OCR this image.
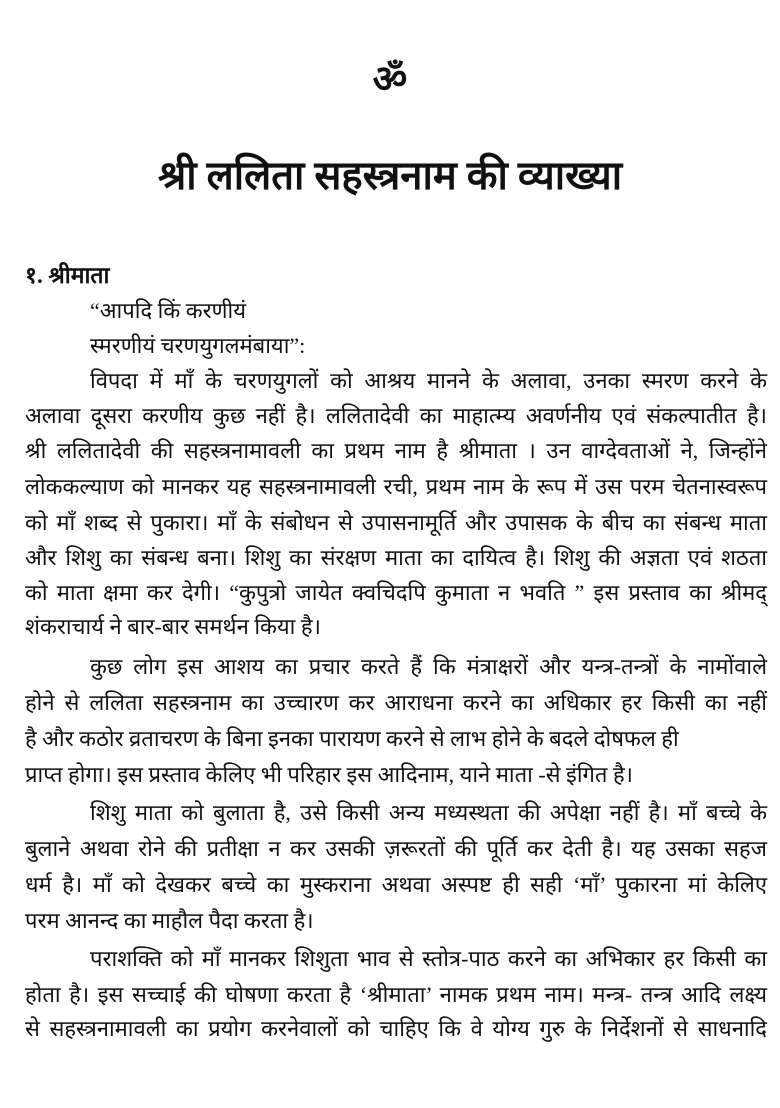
ॐ
श्री ललिता सहस्त्रनाम की व्याख्या
१. श्रीमाता
“आपदि किं करणीयं
स्मरणीयं चरणयुगलमंबाया”:
विपदा में माँ के चरणयुगलों को आश्रय मानने के अलावा, उनका स्मरण करने के
अलावा दूसरा करणीय कुछ नहीं है। ललितादेवी का माहात्म्य अवर्णनीय एवं संकल्पातीत है।
श्री ललितादेवी की सहस्त्रनामावली का प्रथम नाम है श्रीमाता । उन वाग्देवताओं ने, जिन्होंने
लोककल्याण को मानकर यह सहस्त्रनामावली रची, प्रथम नाम के रूप में उस परम चेतनास्वरूप
को माँ शब्द से पुकारा। माँ के संबोधन से उपासनामूर्ति और उपासक के बीच का संबन्ध माता
और शिशु का संबन्ध बना। शिशु का संरक्षण माता का दायित्व है। शिशु की अज्ञता एवं शठता
को माता क्षमा कर देगी। “कुपुत्रो जायेत क्वचिदपि कुमाता न भवति ” इस प्रस्ताव का श्रीमद्
शंकराचार्य ने बार-बार समर्थन किया है।
कुछ लोग इस आशय का प्रचार करते हैं कि मंत्राक्षरों और यन्त्र-तन्त्रों के नामोंवाले
होने से ललिता सहस्त्रनाम का उच्चारण कर आराधना करने का अधिकार हर किसी का नहीं
है और कठोर व्रताचरण के बिना इनका पारायण करने से लाभ होने के बदले दोषफल ही
प्राप्त होगा। इस प्रस्ताव केलिए भी परिहार इस आदिनाम, याने माता -से इंगित है।
शिशु माता को बुलाता है, उसे किसी अन्य मध्यस्थता की अपेक्षा नहीं है। माँ बच्चे के
बुलाने अथवा रोने की प्रतीक्षा न कर उसकी ज़रूरतों की पूर्ति कर देती है। यह उसका सहज
धर्म है। माँ को देखकर बच्चे का मुस्कराना अथवा अस्पष्ट ही सही ‘माँ’ पुकारना मां केलिए
परम आनन्द का माहौल पैदा करता है।
पराशक्ति को माँ मानकर शिशुता भाव से स्तोत्र-पाठ करने का अभिकार हर किसी का
होता है। इस सच्चाई की घोषणा करता है ‘श्रीमाता’ नामक प्रथम नाम। मन्त्र- तन्त्र आदि लक्ष्य
से सहस्त्रनामावली का प्रयोग करनेवालों को चाहिए कि वे योग्य गुरु के निर्देशनों से साधनादि
